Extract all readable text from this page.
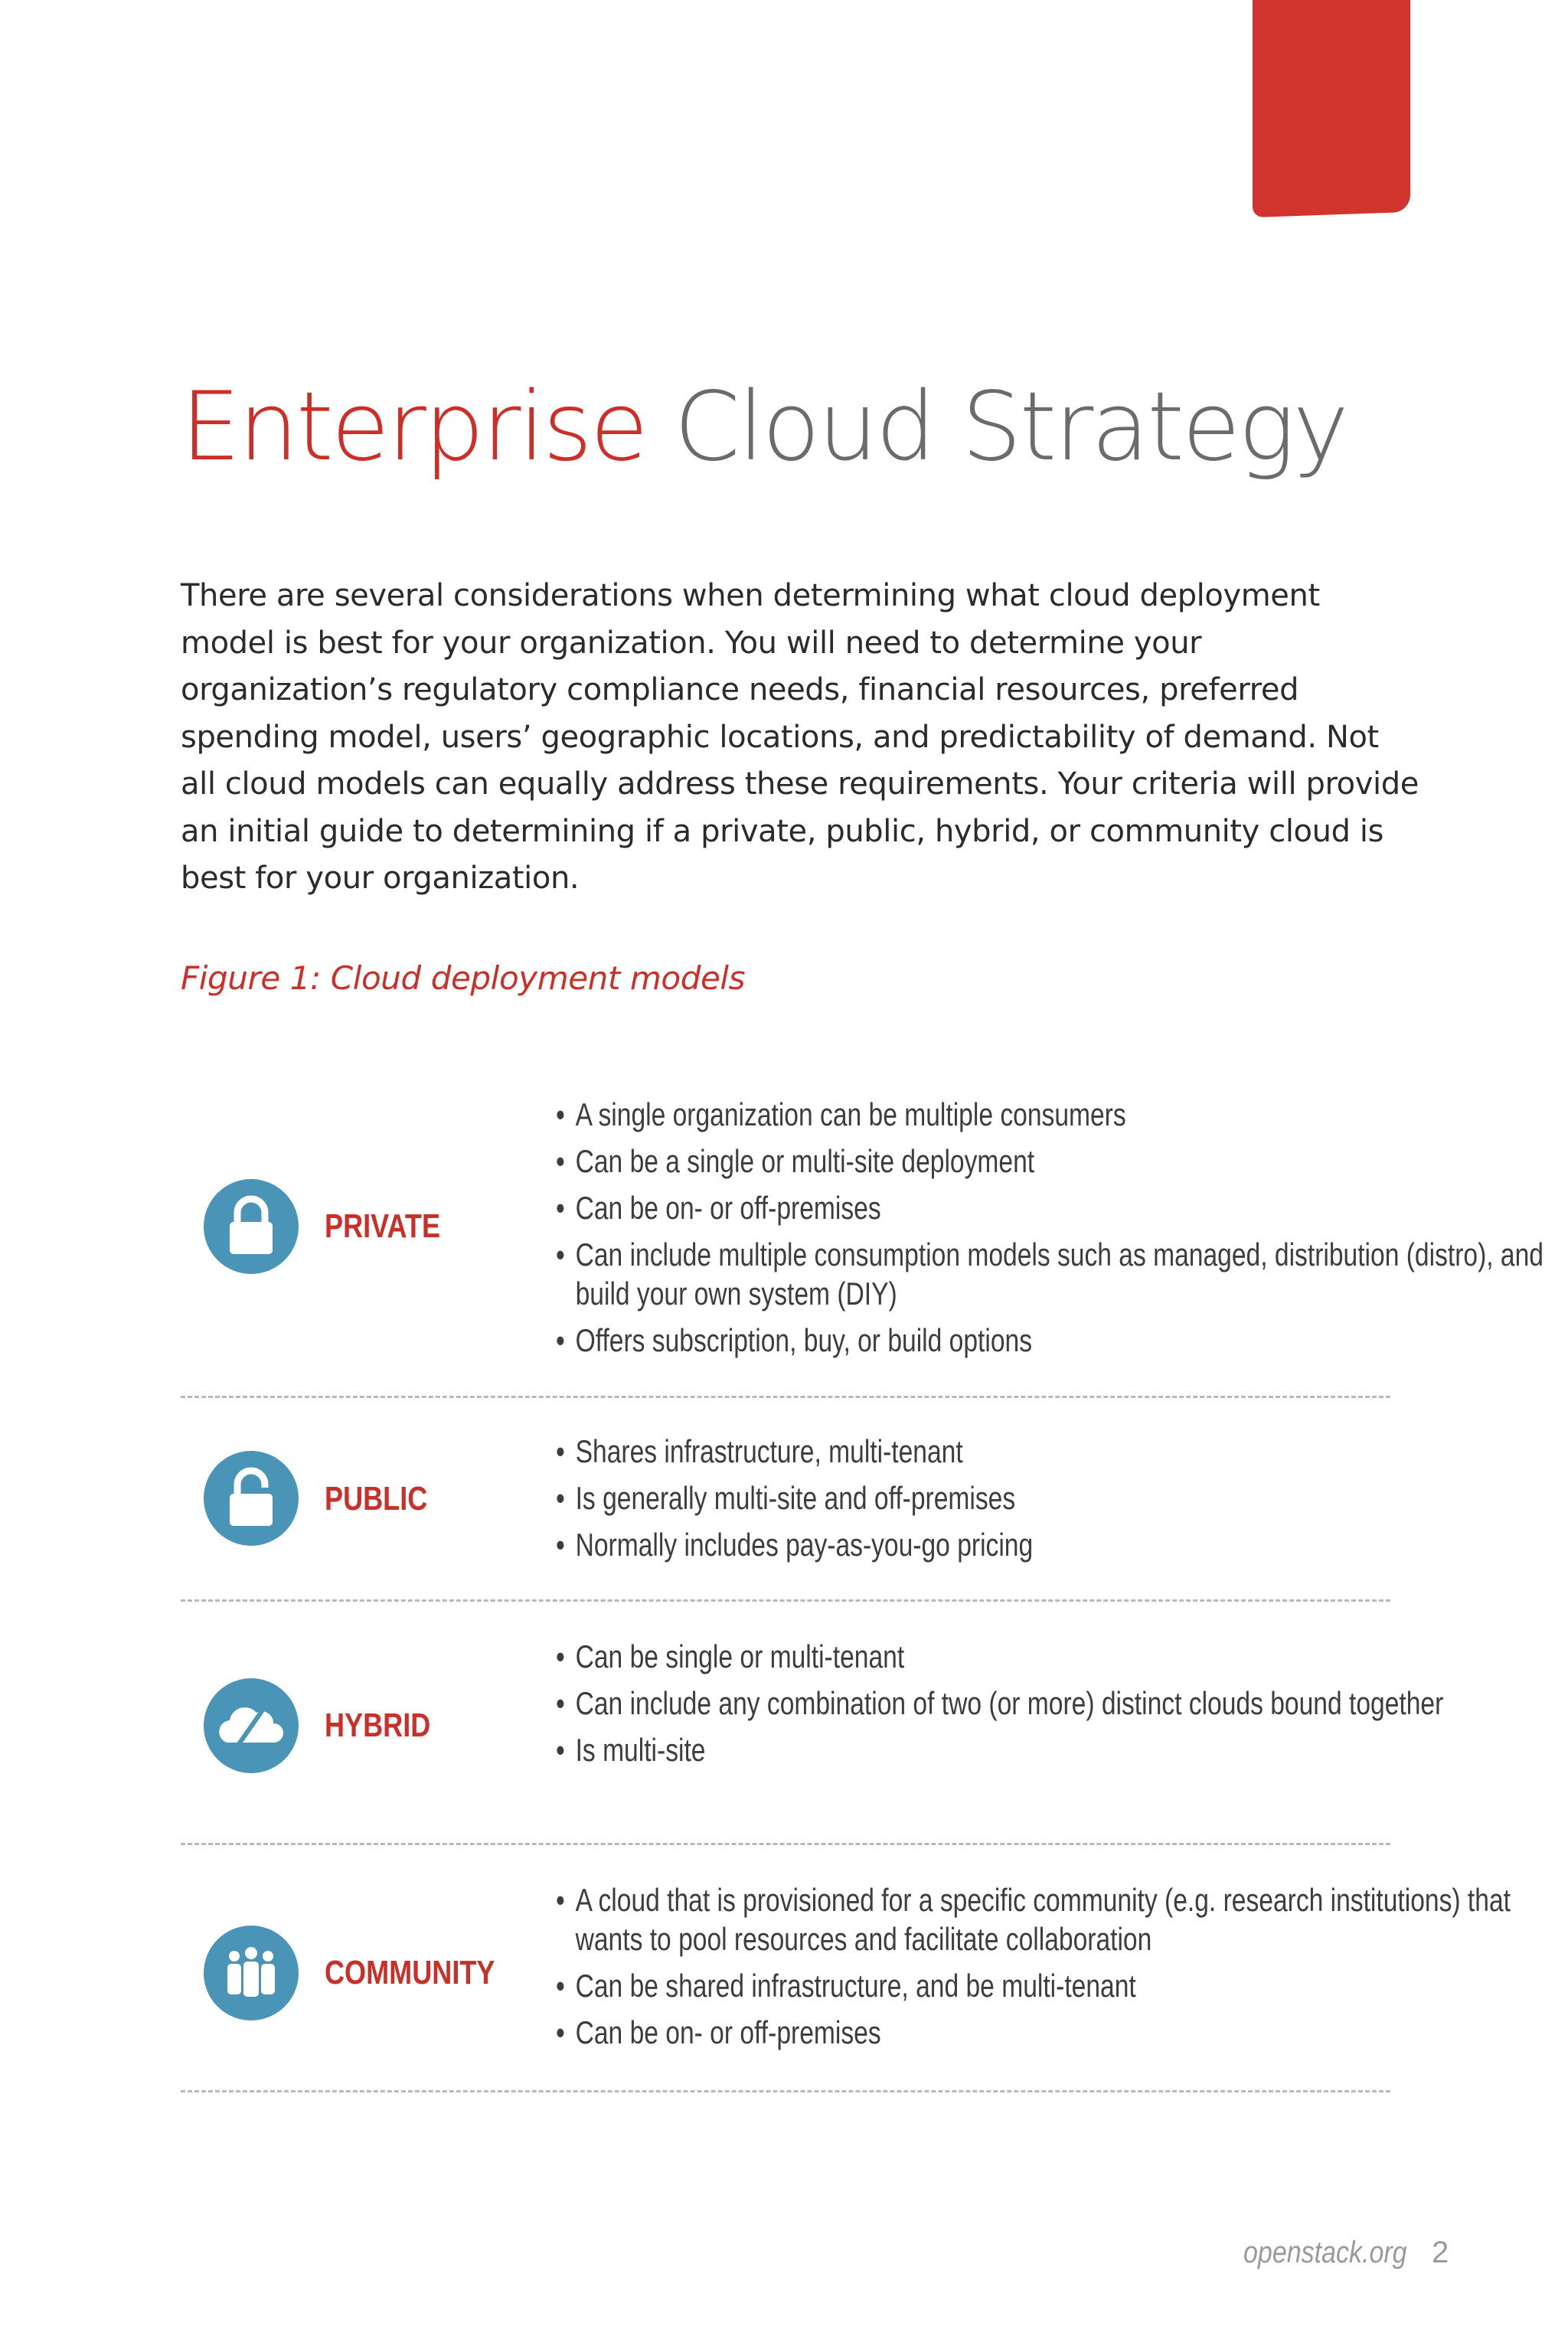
Enterprise Cloud Strategy

There are several considerations when determining what cloud deployment model is best for your organization. You will need to determine your organization’s regulatory compliance needs, financial resources, preferred spending model, users’ geographic locations, and predictability of demand. Not all cloud models can equally address these requirements. Your criteria will provide an initial guide to determining if a private, public, hybrid, or community cloud is best for your organization.

Figure 1: Cloud deployment models

PRIVATE
• A single organization can be multiple consumers
• Can be a single or multi-site deployment
• Can be on- or off-premises
• Can include multiple consumption models such as managed, distribution (distro), and build your own system (DIY)
• Offers subscription, buy, or build options
PUBLIC
• Shares infrastructure, multi-tenant
• Is generally multi-site and off-premises
• Normally includes pay-as-you-go pricing
HYBRID
• Can be single or multi-tenant
• Can include any combination of two (or more) distinct clouds bound together
• Is multi-site
COMMUNITY
• A cloud that is provisioned for a specific community (e.g. research institutions) that wants to pool resources and facilitate collaboration
• Can be shared infrastructure, and be multi-tenant
• Can be on- or off-premises
openstack.org 2
